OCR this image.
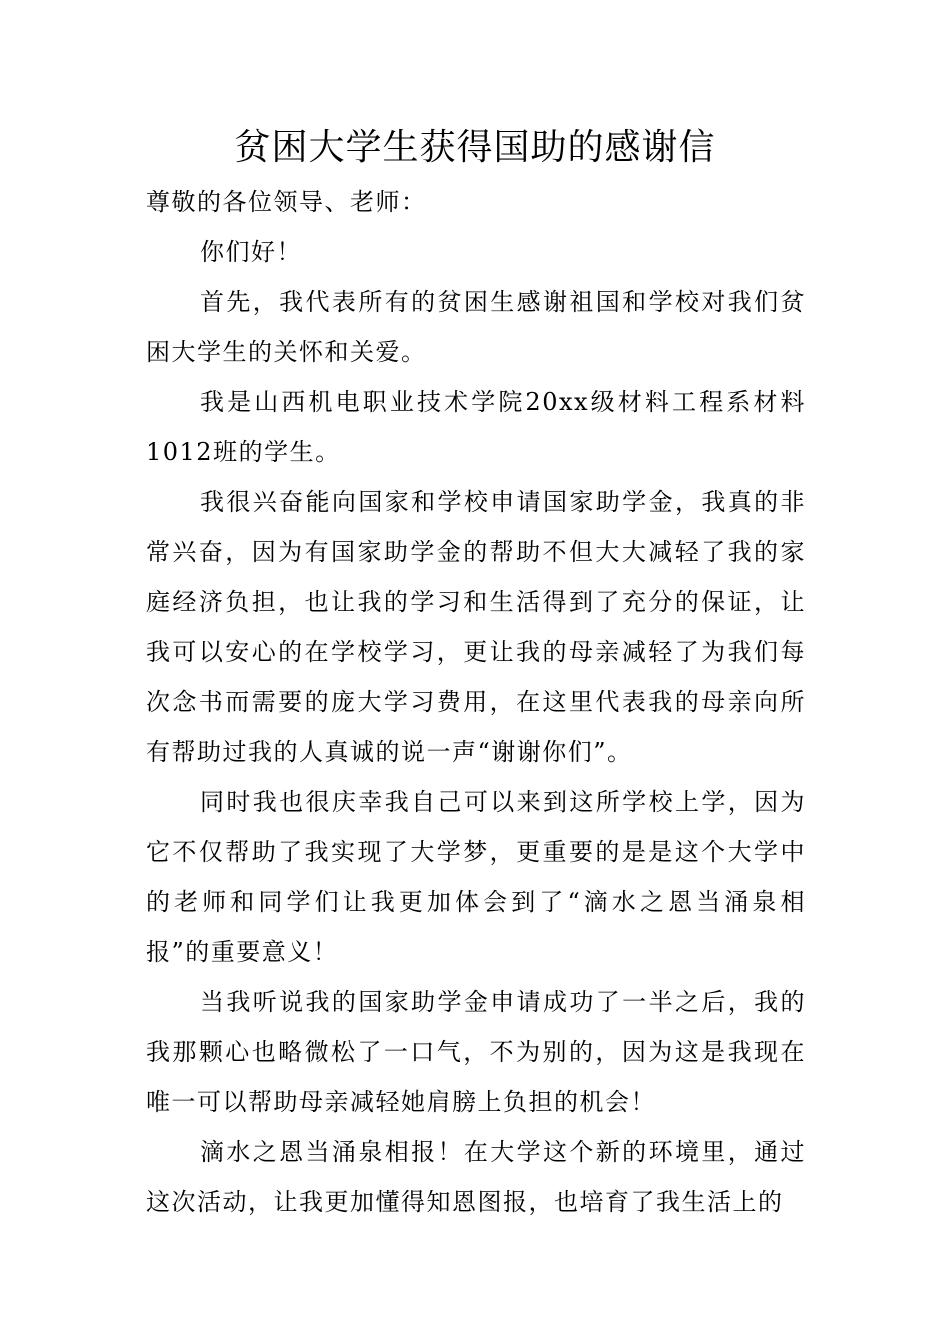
贫困大学生获得国助的感谢信

尊敬的各位领导、老师：

你们好！

首先，我代表所有的贫困生感谢祖国和学校对我们贫困大学生的关怀和关爱。

我是山西机电职业技术学院20xx级材料工程系材料1012班的学生。

我很兴奋能向国家和学校申请国家助学金，我真的非常兴奋，因为有国家助学金的帮助不但大大减轻了我的家庭经济负担，也让我的学习和生活得到了充分的保证，让我可以安心的在学校学习，更让我的母亲减轻了为我们每次念书而需要的庞大学习费用，在这里代表我的母亲向所有帮助过我的人真诚的说一声“谢谢你们”。

同时我也很庆幸我自己可以来到这所学校上学，因为它不仅帮助了我实现了大学梦，更重要的是是这个大学中的老师和同学们让我更加体会到了“滴水之恩当涌泉相报”的重要意义！

当我听说我的国家助学金申请成功了一半之后，我的我那颗心也略微松了一口气，不为别的，因为这是我现在唯一可以帮助母亲减轻她肩膀上负担的机会！

滴水之恩当涌泉相报！在大学这个新的环境里，通过这次活动，让我更加懂得知恩图报，也培育了我生活上的
